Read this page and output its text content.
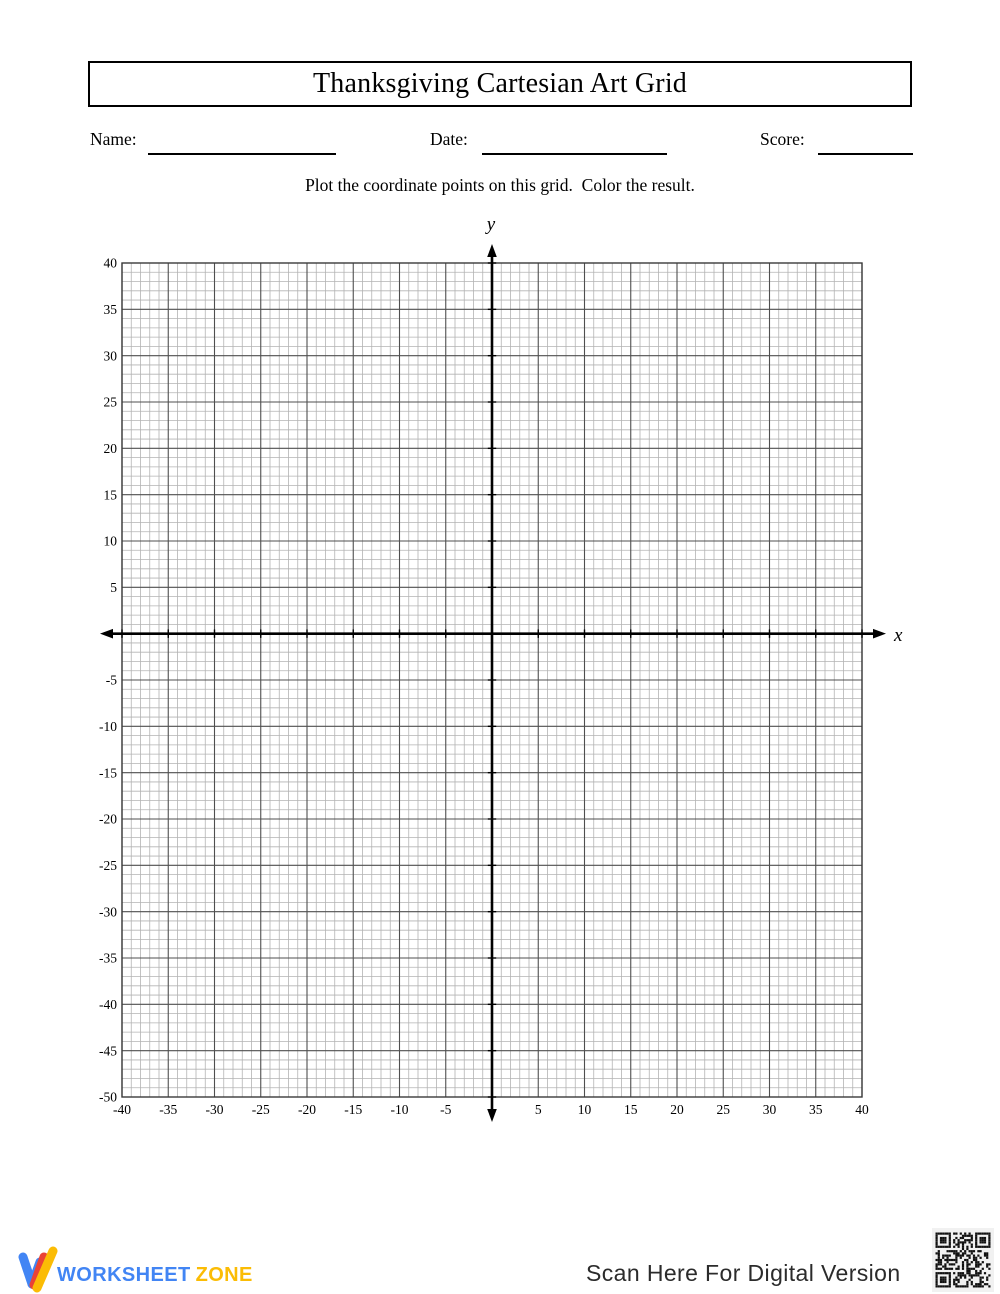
Thanksgiving Cartesian Art Grid
Name:	Date:	Score:
Plot the coordinate points on this grid.  Color the result.
-40 -35 -30 -25 -20 -15 -10 -5	5	10 15 20 25 30 35 40
40
35
30
25
20
15
10
5
-5
-10
-15
-20
-25
-30
-35
-40
-45
-50
y
x
WORKSHEET ZONE	Scan Here For Digital Version
